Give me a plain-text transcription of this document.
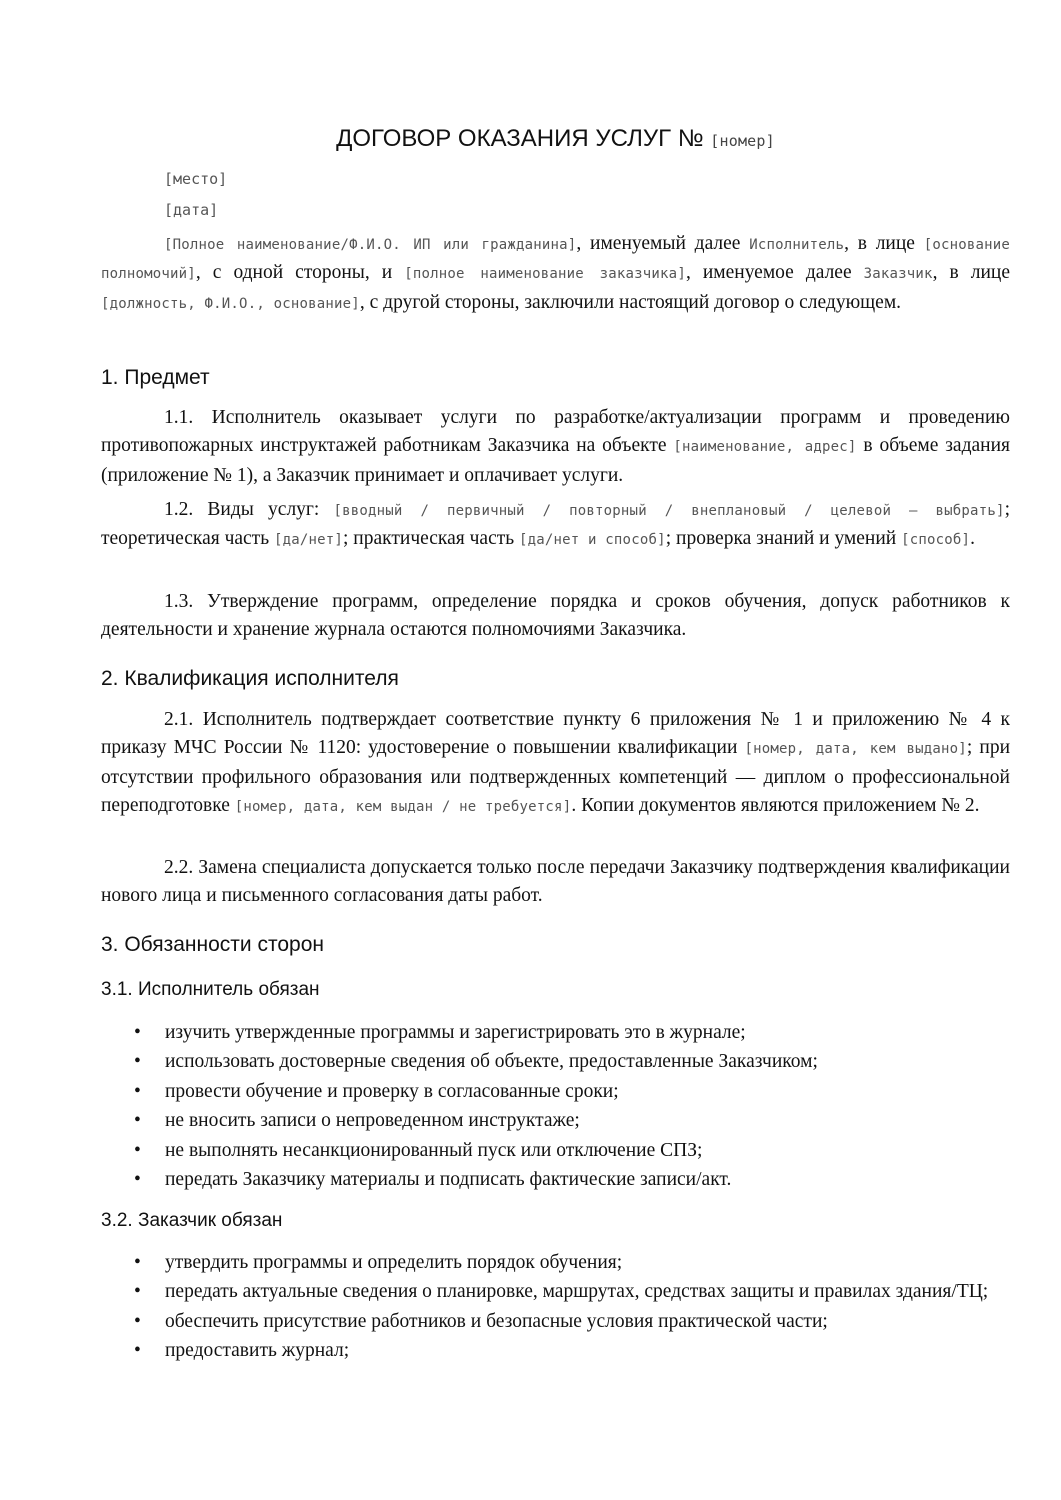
ДОГОВОР ОКАЗАНИЯ УСЛУГ № [номер]
[место]
[дата]

[Полное наименование/Ф.И.О. ИП или гражданина], именуемый далее Исполнитель, в лице [основание полномочий], с одной стороны, и [полное наименование заказчика], именуемое далее Заказчик, в лице [должность, Ф.И.О., основание], с другой стороны, заключили настоящий договор о следующем.

1. Предмет

1.1. Исполнитель оказывает услуги по разработке/актуализации программ и проведению противопожарных инструктажей работникам Заказчика на объекте [наименование, адрес] в объеме задания (приложение № 1), а Заказчик принимает и оплачивает услуги.

1.2. Виды услуг: [вводный / первичный / повторный / внеплановый / целевой — выбрать]; теоретическая часть [да/нет]; практическая часть [да/нет и способ]; проверка знаний и умений [способ].

1.3. Утверждение программ, определение порядка и сроков обучения, допуск работников к деятельности и хранение журнала остаются полномочиями Заказчика.

2. Квалификация исполнителя

2.1. Исполнитель подтверждает соответствие пункту 6 приложения № 1 и приложению № 4 к приказу МЧС России № 1120: удостоверение о повышении квалификации [номер, дата, кем выдано]; при отсутствии профильного образования или подтвержденных компетенций — диплом о профессиональной переподготовке [номер, дата, кем выдан / не требуется]. Копии документов являются приложением № 2.

2.2. Замена специалиста допускается только после передачи Заказчику подтверждения квалификации нового лица и письменного согласования даты работ.

3. Обязанности сторон
3.1. Исполнитель обязан
• изучить утвержденные программы и зарегистрировать это в журнале;
• использовать достоверные сведения об объекте, предоставленные Заказчиком;
• провести обучение и проверку в согласованные сроки;
• не вносить записи о непроведенном инструктаже;
• не выполнять несанкционированный пуск или отключение СПЗ;
• передать Заказчику материалы и подписать фактические записи/акт.
3.2. Заказчик обязан
• утвердить программы и определить порядок обучения;
• передать актуальные сведения о планировке, маршрутах, средствах защиты и правилах здания/ТЦ;
• обеспечить присутствие работников и безопасные условия практической части;
• предоставить журнал;
